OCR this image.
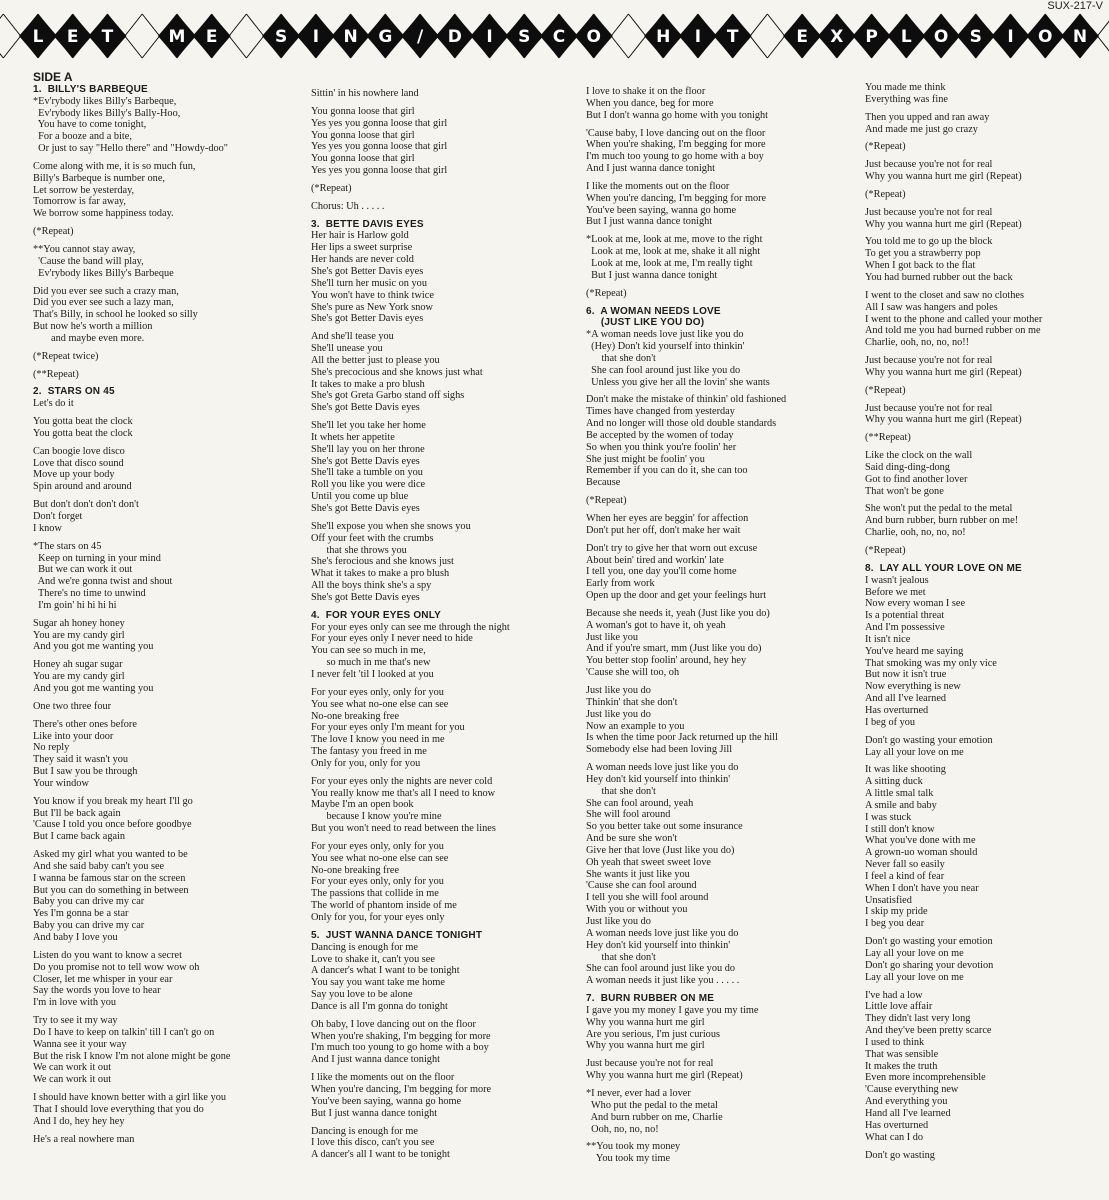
L E T	M E	S I N G / D I S C O	H I T	E X P L O S I O N
SUX-217-V
SIDE A
1.  BILLY'S BARBEQUE
*Ev'rybody likes Billy's Barbeque,
Ev'rybody likes Billy's Bally-Hoo,
You have to come tonight,
For a booze and a bite,
Or just to say "Hello there" and "Howdy-doo"
Come along with me, it is so much fun,
Billy's Barbeque is number one,
Let sorrow be yesterday,
Tomorrow is far away,
We borrow some happiness today.
(*Repeat)
**You cannot stay away,
'Cause the band will play,
Ev'rybody likes Billy's Barbeque
Did you ever see such a crazy man,
Did you ever see such a lazy man,
That's Billy, in school he looked so silly
But now he's worth a million
and maybe even more.
(*Repeat twice)
(**Repeat)
2.  STARS ON 45
Let's do it
You gotta beat the clock
You gotta beat the clock
Can boogie love disco
Love that disco sound
Move up your body
Spin around and around
But don't don't don't don't
Don't forget
I know
*The stars on 45
Keep on turning in your mind
But we can work it out
And we're gonna twist and shout
There's no time to unwind
I'm goin' hi hi hi hi
Sugar ah honey honey
You are my candy girl
And you got me wanting you
Honey ah sugar sugar
You are my candy girl
And you got me wanting you
One two three four
There's other ones before
Like into your door
No reply
They said it wasn't you
But I saw you be through
Your window
You know if you break my heart I'll go
But I'll be back again
'Cause I told you once before goodbye
But I came back again
Asked my girl what you wanted to be
And she said baby can't you see
I wanna be famous star on the screen
But you can do something in between
Baby you can drive my car
Yes I'm gonna be a star
Baby you can drive my car
And baby I love you
Listen do you want to know a secret
Do you promise not to tell wow wow oh
Closer, let me whisper in your ear
Say the words you love to hear
I'm in love with you
Try to see it my way
Do I have to keep on talkin' till I can't go on
Wanna see it your way
But the risk I know I'm not alone might be gone
We can work it out
We can work it out
I should have known better with a girl like you
That I should love everything that you do
And I do, hey hey hey
He's a real nowhere man
Sittin' in his nowhere land
You gonna loose that girl
Yes yes you gonna loose that girl
You gonna loose that girl
Yes yes you gonna loose that girl
You gonna loose that girl
Yes yes you gonna loose that girl
(*Repeat)
Chorus: Uh . . . . .
3.  BETTE DAVIS EYES
Her hair is Harlow gold
Her lips a sweet surprise
Her hands are never cold
She's got Better Davis eyes
She'll turn her music on you
You won't have to think twice
She's pure as New York snow
She's got Better Davis eyes
And she'll tease you
She'll unease you
All the better just to please you
She's precocious and she knows just what
It takes to make a pro blush
She's got Greta Garbo stand off sighs
She's got Bette Davis eyes
She'll let you take her home
It whets her appetite
She'll lay you on her throne
She's got Bette Davis eyes
She'll take a tumble on you
Roll you like you were dice
Until you come up blue
She's got Bette Davis eyes
She'll expose you when she snows you
Off your feet with the crumbs
that she throws you
She's ferocious and she knows just
What it takes to make a pro blush
All the boys think she's a spy
She's got Bette Davis eyes
4.  FOR YOUR EYES ONLY
For your eyes only can see me through the night
For your eyes only I never need to hide
You can see so much in me,
so much in me that's new
I never felt 'til I looked at you
For your eyes only, only for you
You see what no-one else can see
No-one breaking free
For your eyes only I'm meant for you
The love I know you need in me
The fantasy you freed in me
Only for you, only for you
For your eyes only the nights are never cold
You really know me that's all I need to know
Maybe I'm an open book
because I know you're mine
But you won't need to read between the lines
For your eyes only, only for you
You see what no-one else can see
No-one breaking free
For your eyes only, only for you
The passions that collide in me
The world of phantom inside of me
Only for you, for your eyes only
5.  JUST WANNA DANCE TONIGHT
Dancing is enough for me
Love to shake it, can't you see
A dancer's what I want to be tonight
You say you want take me home
Say you love to be alone
Dance is all I'm gonna do tonight
Oh baby, I love dancing out on the floor
When you're shaking, I'm begging for more
I'm much too young to go home with a boy
And I just wanna dance tonight
I like the moments out on the floor
When you're dancing, I'm begging for more
You've been saying, wanna go home
But I just wanna dance tonight
Dancing is enough for me
I love this disco, can't you see
A dancer's all I want to be tonight
I love to shake it on the floor
When you dance, beg for more
But I don't wanna go home with you tonight
'Cause baby, I love dancing out on the floor
When you're shaking, I'm begging for more
I'm much too young to go home with a boy
And I just wanna dance tonight
I like the moments out on the floor
When you're dancing, I'm begging for more
You've been saying, wanna go home
But I just wanna dance tonight
*Look at me, look at me, move to the right
Look at me, look at me, shake it all night
Look at me, look at me, I'm really tight
But I just wanna dance tonight
(*Repeat)
6.  A WOMAN NEEDS LOVE
(JUST LIKE YOU DO)
*A woman needs love just like you do
(Hey) Don't kid yourself into thinkin'
that she don't
She can fool around just like you do
Unless you give her all the lovin' she wants
Don't make the mistake of thinkin' old fashioned
Times have changed from yesterday
And no longer will those old double standards
Be accepted by the women of today
So when you think you're foolin' her
She just might be foolin' you
Remember if you can do it, she can too
Because
(*Repeat)
When her eyes are beggin' for affection
Don't put her off, don't make her wait
Don't try to give her that worn out excuse
About bein' tired and workin' late
I tell you, one day you'll come home
Early from work
Open up the door and get your feelings hurt
Because she needs it, yeah (Just like you do)
A woman's got to have it, oh yeah
Just like you
And if you're smart, mm (Just like you do)
You better stop foolin' around, hey hey
'Cause she will too, oh
Just like you do
Thinkin' that she don't
Just like you do
Now an example to you
Is when the time poor Jack returned up the hill
Somebody else had been loving Jill
A woman needs love just like you do
Hey don't kid yourself into thinkin'
that she don't
She can fool around, yeah
She will fool around
So you better take out some insurance
And be sure she won't
Give her that love (Just like you do)
Oh yeah that sweet sweet love
She wants it just like you
'Cause she can fool around
I tell you she will fool around
With you or without you
Just like you do
A woman needs love just like you do
Hey don't kid yourself into thinkin'
that she don't
She can fool around just like you do
A woman needs it just like you . . . . .
7.  BURN RUBBER ON ME
I gave you my money I gave you my time
Why you wanna hurt me girl
Are you serious, I'm just curious
Why you wanna hurt me girl
Just because you're not for real
Why you wanna hurt me girl (Repeat)
*I never, ever had a lover
Who put the pedal to the metal
And burn rubber on me, Charlie
Ooh, no, no, no!
**You took my money
You took my time
You made me think
Everything was fine
Then you upped and ran away
And made me just go crazy
(*Repeat)
Just because you're not for real
Why you wanna hurt me girl (Repeat)
(*Repeat)
Just because you're not for real
Why you wanna hurt me girl (Repeat)
You told me to go up the block
To get you a strawberry pop
When I got back to the flat
You had burned rubber out the back
I went to the closet and saw no clothes
All I saw was hangers and poles
I went to the phone and called your mother
And told me you had burned rubber on me
Charlie, ooh, no, no, no!!
Just because you're not for real
Why you wanna hurt me girl (Repeat)
(*Repeat)
Just because you're not for real
Why you wanna hurt me girl (Repeat)
(**Repeat)
Like the clock on the wall
Said ding-ding-dong
Got to find another lover
That won't be gone
She won't put the pedal to the metal
And burn rubber, burn rubber on me!
Charlie, ooh, no, no, no!
(*Repeat)
8.  LAY ALL YOUR LOVE ON ME
I wasn't jealous
Before we met
Now every woman I see
Is a potential threat
And I'm possessive
It isn't nice
You've heard me saying
That smoking was my only vice
But now it isn't true
Now everything is new
And all I've learned
Has overturned
I beg of you
Don't go wasting your emotion
Lay all your love on me
It was like shooting
A sitting duck
A little smal talk
A smile and baby
I was stuck
I still don't know
What you've done with me
A grown-uo woman should
Never fall so easily
I feel a kind of fear
When I don't have you near
Unsatisfied
I skip my pride
I beg you dear
Don't go wasting your emotion
Lay all your love on me
Don't go sharing your devotion
Lay all your love on me
I've had a low
Little love affair
They didn't last very long
And they've been pretty scarce
I used to think
That was sensible
It makes the truth
Even more incomprehensible
'Cause everything new
And everything you
Hand all I've learned
Has overturned
What can I do
Don't go wasting
